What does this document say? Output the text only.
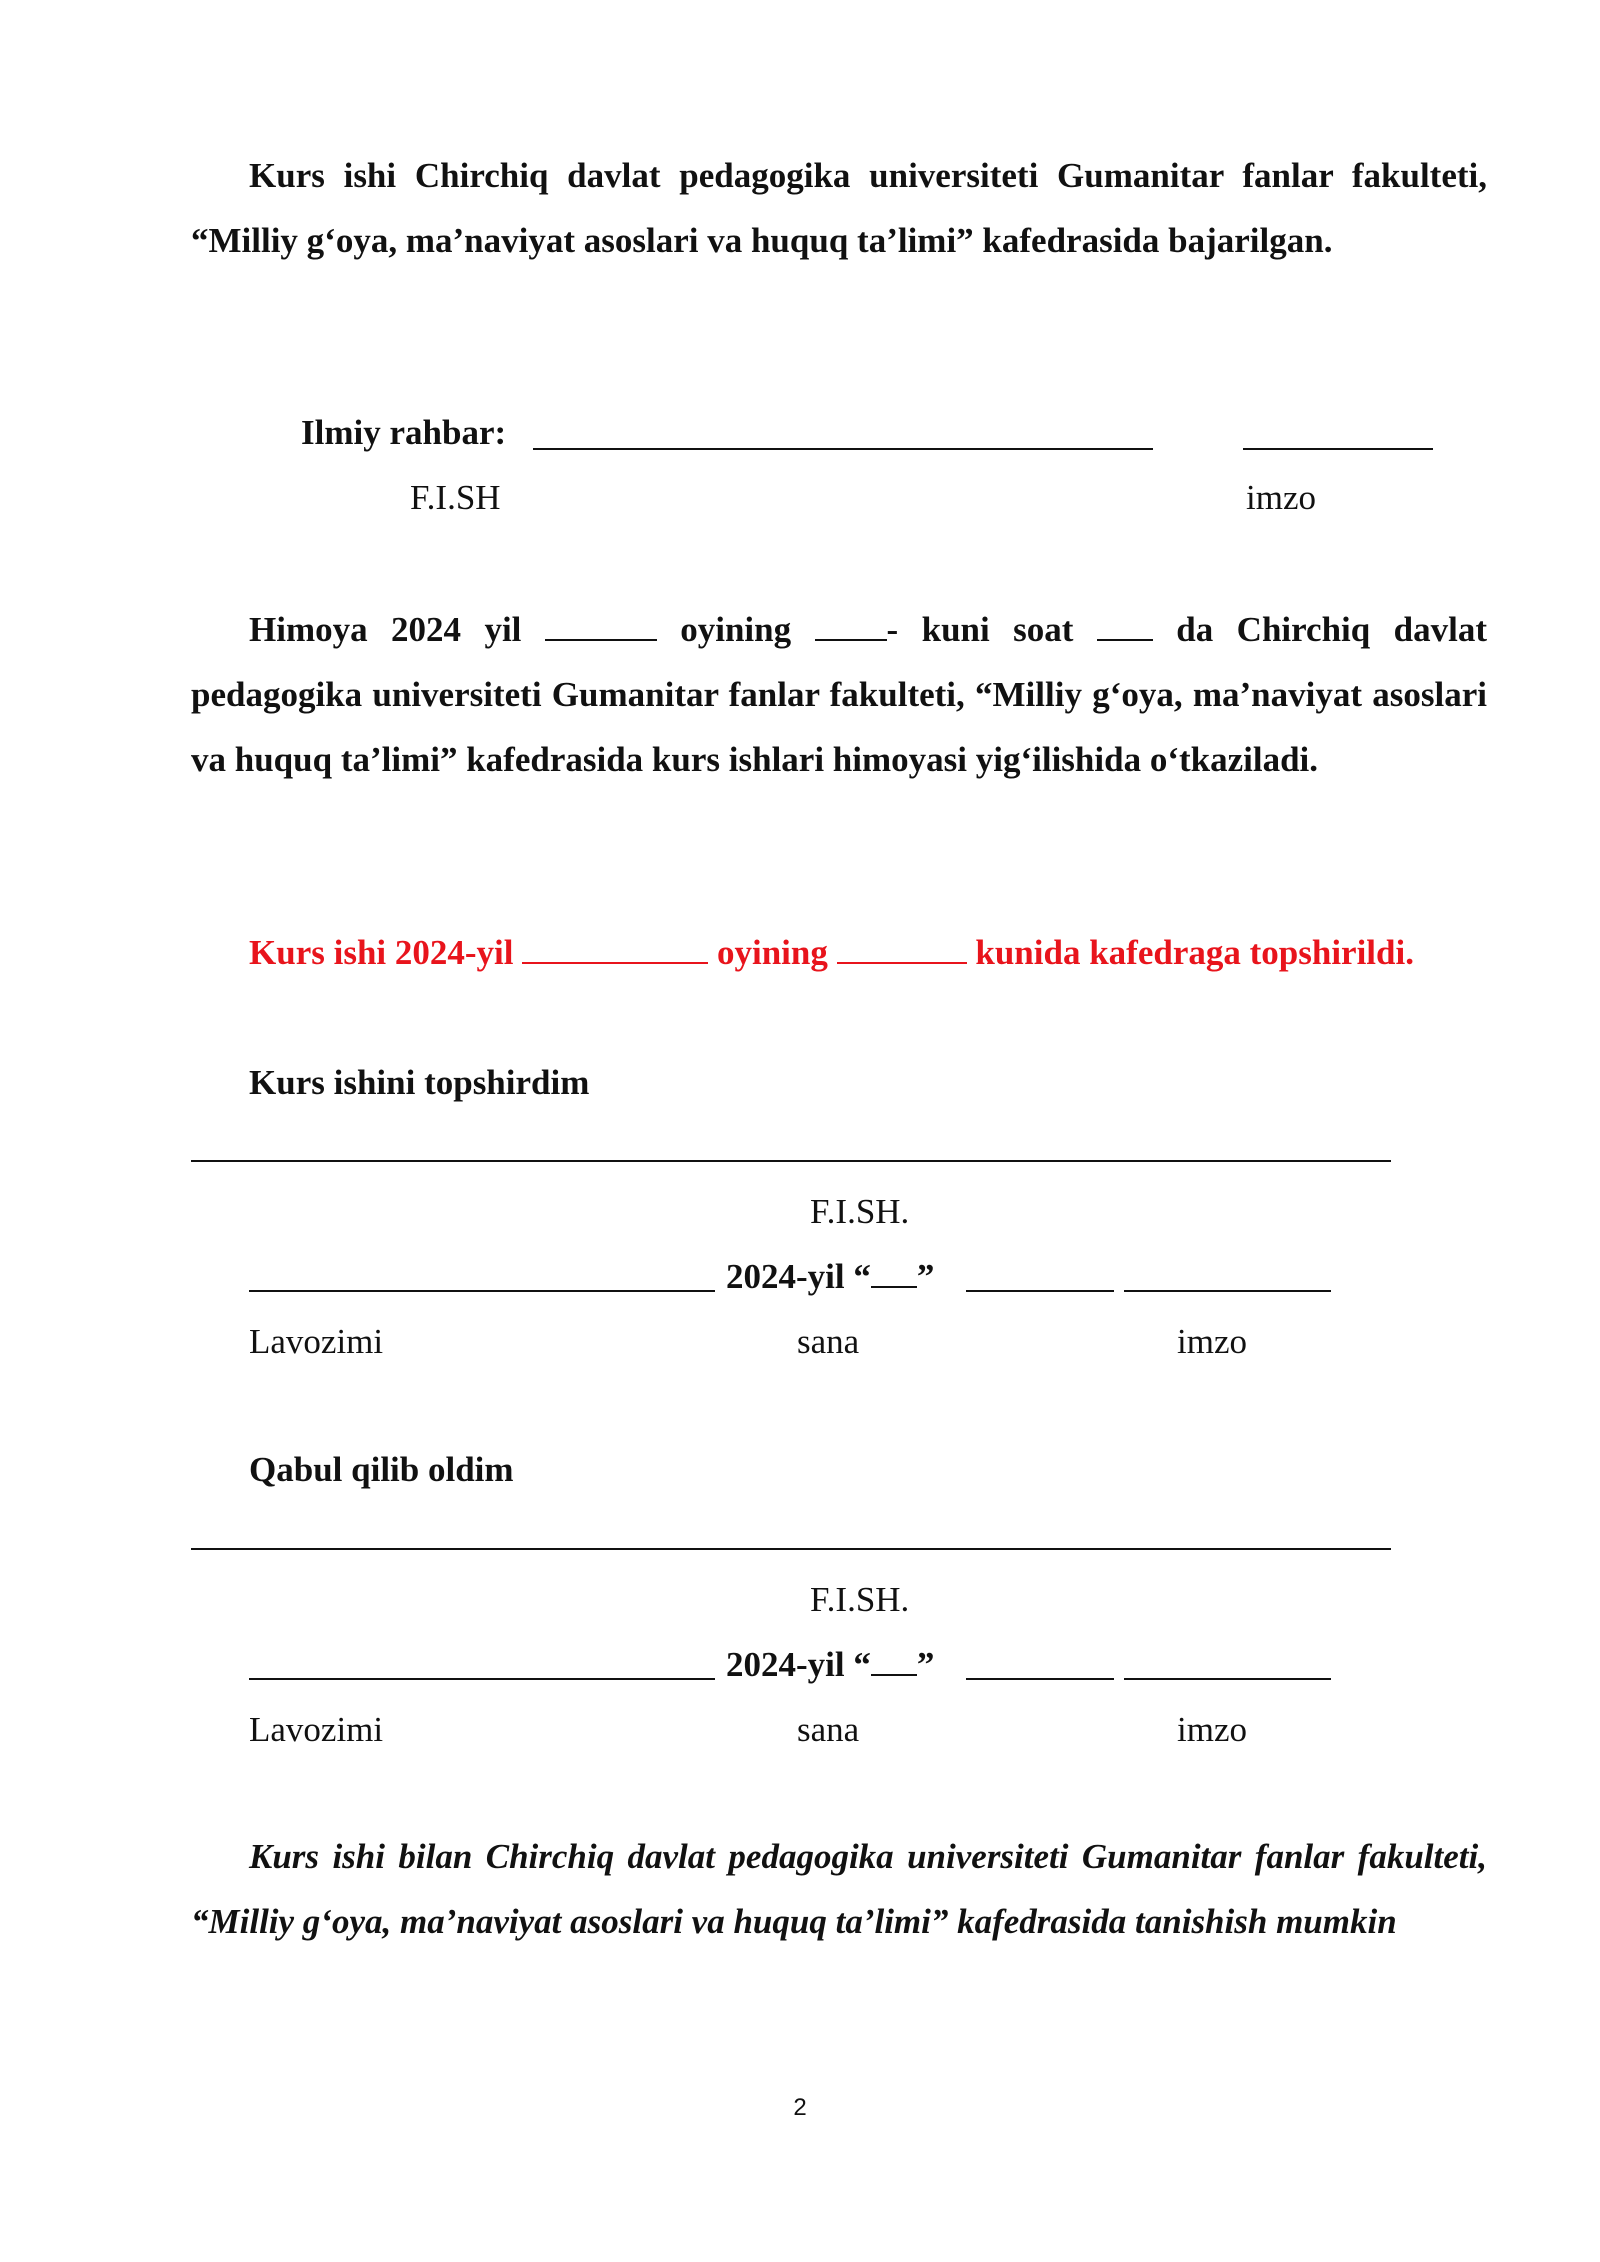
Kurs ishi Chirchiq davlat pedagogika universiteti Gumanitar fanlar fakulteti, “Milliy g‘oya, ma’naviyat asoslari va huquq ta’limi” kafedrasida bajarilgan.

Ilmiy rahbar:
F.I.SH	imzo

Himoya 2024 yil	oyining	- kuni soat	da Chirchiq davlat pedagogika universiteti Gumanitar fanlar fakulteti, “Milliy g‘oya, ma’naviyat asoslari va huquq ta’limi” kafedrasida kurs ishlari himoyasi yig‘ilishida o‘tkaziladi.

Kurs ishi 2024-yil	oyining	kunida kafedraga topshirildi.
Kurs ishini topshirdim
F.I.SH.
2024-yil “ ”
Lavozimi	sana	imzo
Qabul qilib oldim
F.I.SH.
2024-yil “ ”
Lavozimi	sana	imzo

Kurs ishi bilan Chirchiq davlat pedagogika universiteti Gumanitar fanlar fakulteti, “Milliy g‘oya, ma’naviyat asoslari va huquq ta’limi” kafedrasida tanishish mumkin

2
